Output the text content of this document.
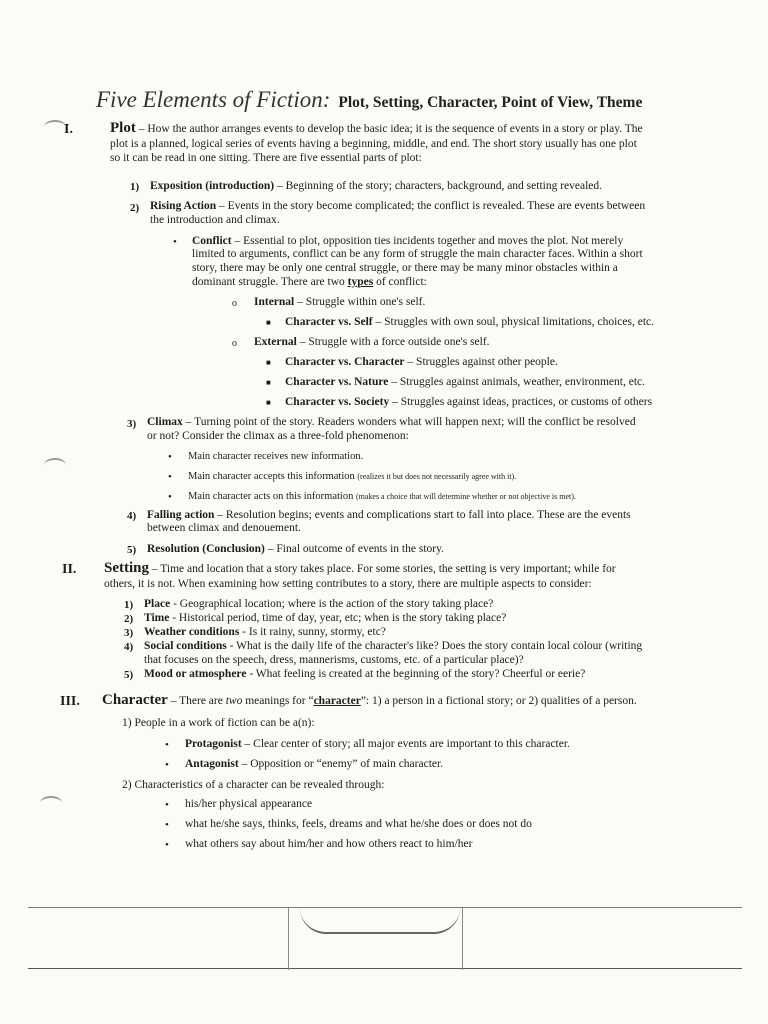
Five Elements of Fiction: Plot, Setting, Character, Point of View, Theme
I. Plot – How the author arranges events to develop the basic idea; it is the sequence of events in a story or play. The
plot is a planned, logical series of events having a beginning, middle, and end. The short story usually has one plot
so it can be read in one sitting. There are five essential parts of plot:
1) Exposition (introduction) – Beginning of the story; characters, background, and setting revealed.
2) Rising Action – Events in the story become complicated; the conflict is revealed. These are events between
the introduction and climax.
• Conflict – Essential to plot, opposition ties incidents together and moves the plot. Not merely
limited to arguments, conflict can be any form of struggle the main character faces. Within a short
story, there may be only one central struggle, or there may be many minor obstacles within a
dominant struggle. There are two types of conflict:
o Internal – Struggle within one's self.
■ Character vs. Self – Struggles with own soul, physical limitations, choices, etc.
o External – Struggle with a force outside one's self.
■ Character vs. Character – Struggles against other people.
■ Character vs. Nature – Struggles against animals, weather, environment, etc.
■ Character vs. Society – Struggles against ideas, practices, or customs of others
3) Climax – Turning point of the story. Readers wonders what will happen next; will the conflict be resolved
or not? Consider the climax as a three-fold phenomenon:
• Main character receives new information.
• Main character accepts this information (realizes it but does not necessarily agree with it).
• Main character acts on this information (makes a choice that will determine whether or not objective is met).
4) Falling action – Resolution begins; events and complications start to fall into place. These are the events
between climax and denouement.
5) Resolution (Conclusion) – Final outcome of events in the story.
II. Setting – Time and location that a story takes place. For some stories, the setting is very important; while for
others, it is not. When examining how setting contributes to a story, there are multiple aspects to consider:
1) Place - Geographical location; where is the action of the story taking place?
2) Time - Historical period, time of day, year, etc; when is the story taking place?
3) Weather conditions - Is it rainy, sunny, stormy, etc?
4) Social conditions - What is the daily life of the character's like? Does the story contain local colour (writing
that focuses on the speech, dress, mannerisms, customs, etc. of a particular place)?
5) Mood or atmosphere - What feeling is created at the beginning of the story? Cheerful or eerie?
III. Character – There are two meanings for “character”: 1) a person in a fictional story; or 2) qualities of a person.
1) People in a work of fiction can be a(n):
• Protagonist – Clear center of story; all major events are important to this character.
• Antagonist – Opposition or “enemy” of main character.
2) Characteristics of a character can be revealed through:
• his/her physical appearance
• what he/she says, thinks, feels, dreams and what he/she does or does not do
• what others say about him/her and how others react to him/her
